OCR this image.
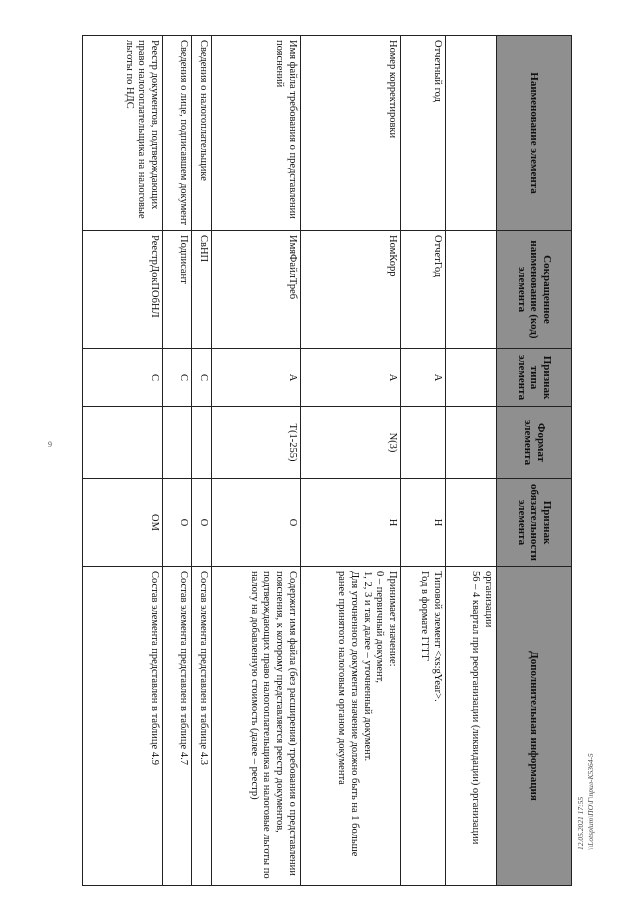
9
12.05.2021 17:55 \\Lotsplum\ПО\Г\прил-К5364-5
Наименование элемента	Сокращенное наименование (код) элемента	Признак типа элемента	Формат элемента	Признак обязательности элемента	Дополнительная информация

					организации
56 – 4 квартал при реорганизации (ликвидации) организации

Отчетный год	ОтчетГод	А		Н	Типовой элемент <xs:gYear>.
Год в формате ГГГГ

Номер корректировки	НомКорр	А	N(3)	Н	Принимает значение:
0 – первичный документ,
1, 2, 3 и так далее – уточненный документ.
Для уточненного документа значение должно быть на 1 больше ранее принятого налоговым органом документа

Имя файла требования о представлении пояснений	ИмяФайлТреб	А	T(1-255)	О	Содержит имя файла (без расширения) требования о представлении пояснения, к которому представляется реестр документов, подтверждающих право налогоплательщика на налоговые льготы по налогу на добавленную стоимость (далее – реестр)

Сведения о налогоплательщике	СвНП	С		О	Состав элемента представлен в таблице 4.3

Сведения о лице, подписавшем документ	Подписант	С		О	Состав элемента представлен в таблице 4.7

Реестр документов, подтверждающих право налогоплательщика на налоговые льготы по НДС	РеестрДокПОбНЛ	С		ОМ	Состав элемента представлен в таблице 4.9
